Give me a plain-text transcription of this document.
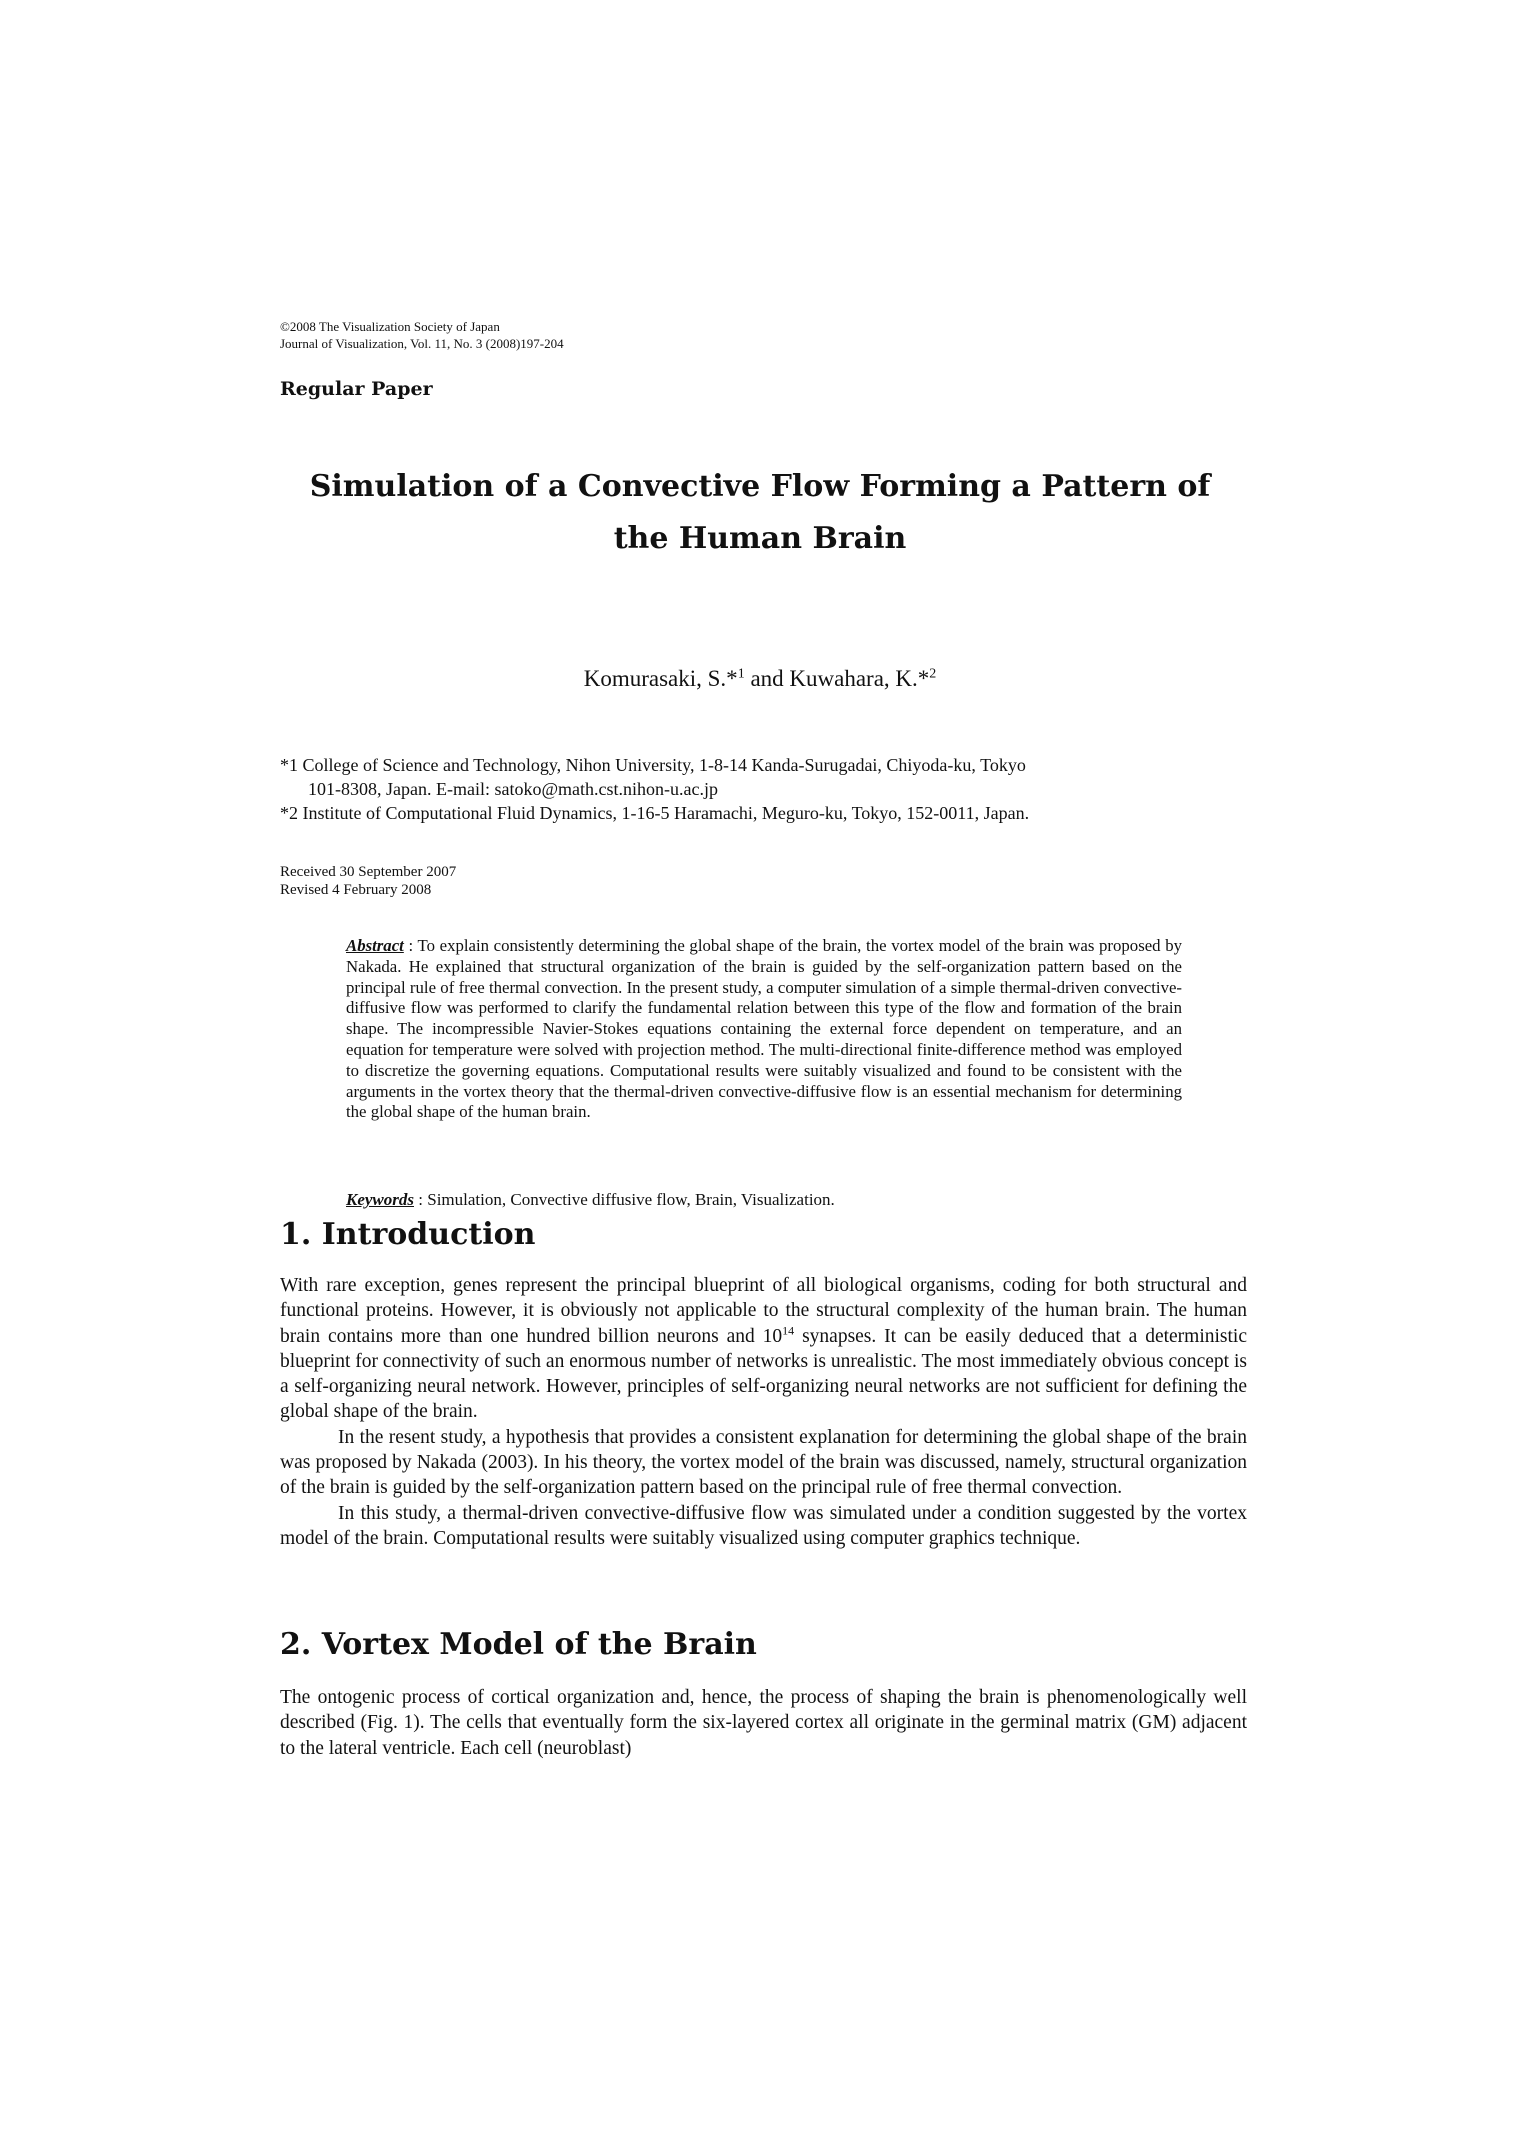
©2008 The Visualization Society of Japan
Journal of Visualization, Vol. 11, No. 3 (2008)197-204
Regular Paper
Simulation of a Convective Flow Forming a Pattern of
the Human Brain
Komurasaki, S.*$^1$ and Kuwahara, K.*$^2$
*1 College of Science and Technology, Nihon University, 1-8-14 Kanda-Surugadai, Chiyoda-ku, Tokyo
101-8308, Japan. E-mail: satoko@math.cst.nihon-u.ac.jp
*2 Institute of Computational Fluid Dynamics, 1-16-5 Haramachi, Meguro-ku, Tokyo, 152-0011, Japan.
Received 30 September 2007
Revised 4 February 2008
Abstract : To explain consistently determining the global shape of the brain, the vortex model of the brain was proposed by Nakada. He explained that structural organization of the brain is guided by the self-organization pattern based on the principal rule of free thermal convection. In the present study, a computer simulation of a simple thermal-driven convective-diffusive flow was performed to clarify the fundamental relation between this type of the flow and formation of the brain shape. The incompressible Navier-Stokes equations containing the external force dependent on temperature, and an equation for temperature were solved with projection method. The multi-directional finite-difference method was employed to discretize the governing equations. Computational results were suitably visualized and found to be consistent with the arguments in the vortex theory that the thermal-driven convective-diffusive flow is an essential mechanism for determining the global shape of the human brain.
Keywords : Simulation, Convective diffusive flow, Brain, Visualization.
1. Introduction

With rare exception, genes represent the principal blueprint of all biological organisms, coding for both structural and functional proteins. However, it is obviously not applicable to the structural complexity of the human brain. The human brain contains more than one hundred billion neurons and $10^{14}$ synapses. It can be easily deduced that a deterministic blueprint for connectivity of such an enormous number of networks is unrealistic. The most immediately obvious concept is a self-organizing neural network. However, principles of self-organizing neural networks are not sufficient for defining the global shape of the brain.

In the resent study, a hypothesis that provides a consistent explanation for determining the global shape of the brain was proposed by Nakada (2003). In his theory, the vortex model of the brain was discussed, namely, structural organization of the brain is guided by the self-organization pattern based on the principal rule of free thermal convection.

In this study, a thermal-driven convective-diffusive flow was simulated under a condition suggested by the vortex model of the brain. Computational results were suitably visualized using computer graphics technique.

2. Vortex Model of the Brain

The ontogenic process of cortical organization and, hence, the process of shaping the brain is phenomenologically well described (Fig. 1). The cells that eventually form the six-layered cortex all originate in the germinal matrix (GM) adjacent to the lateral ventricle. Each cell (neuroblast)
